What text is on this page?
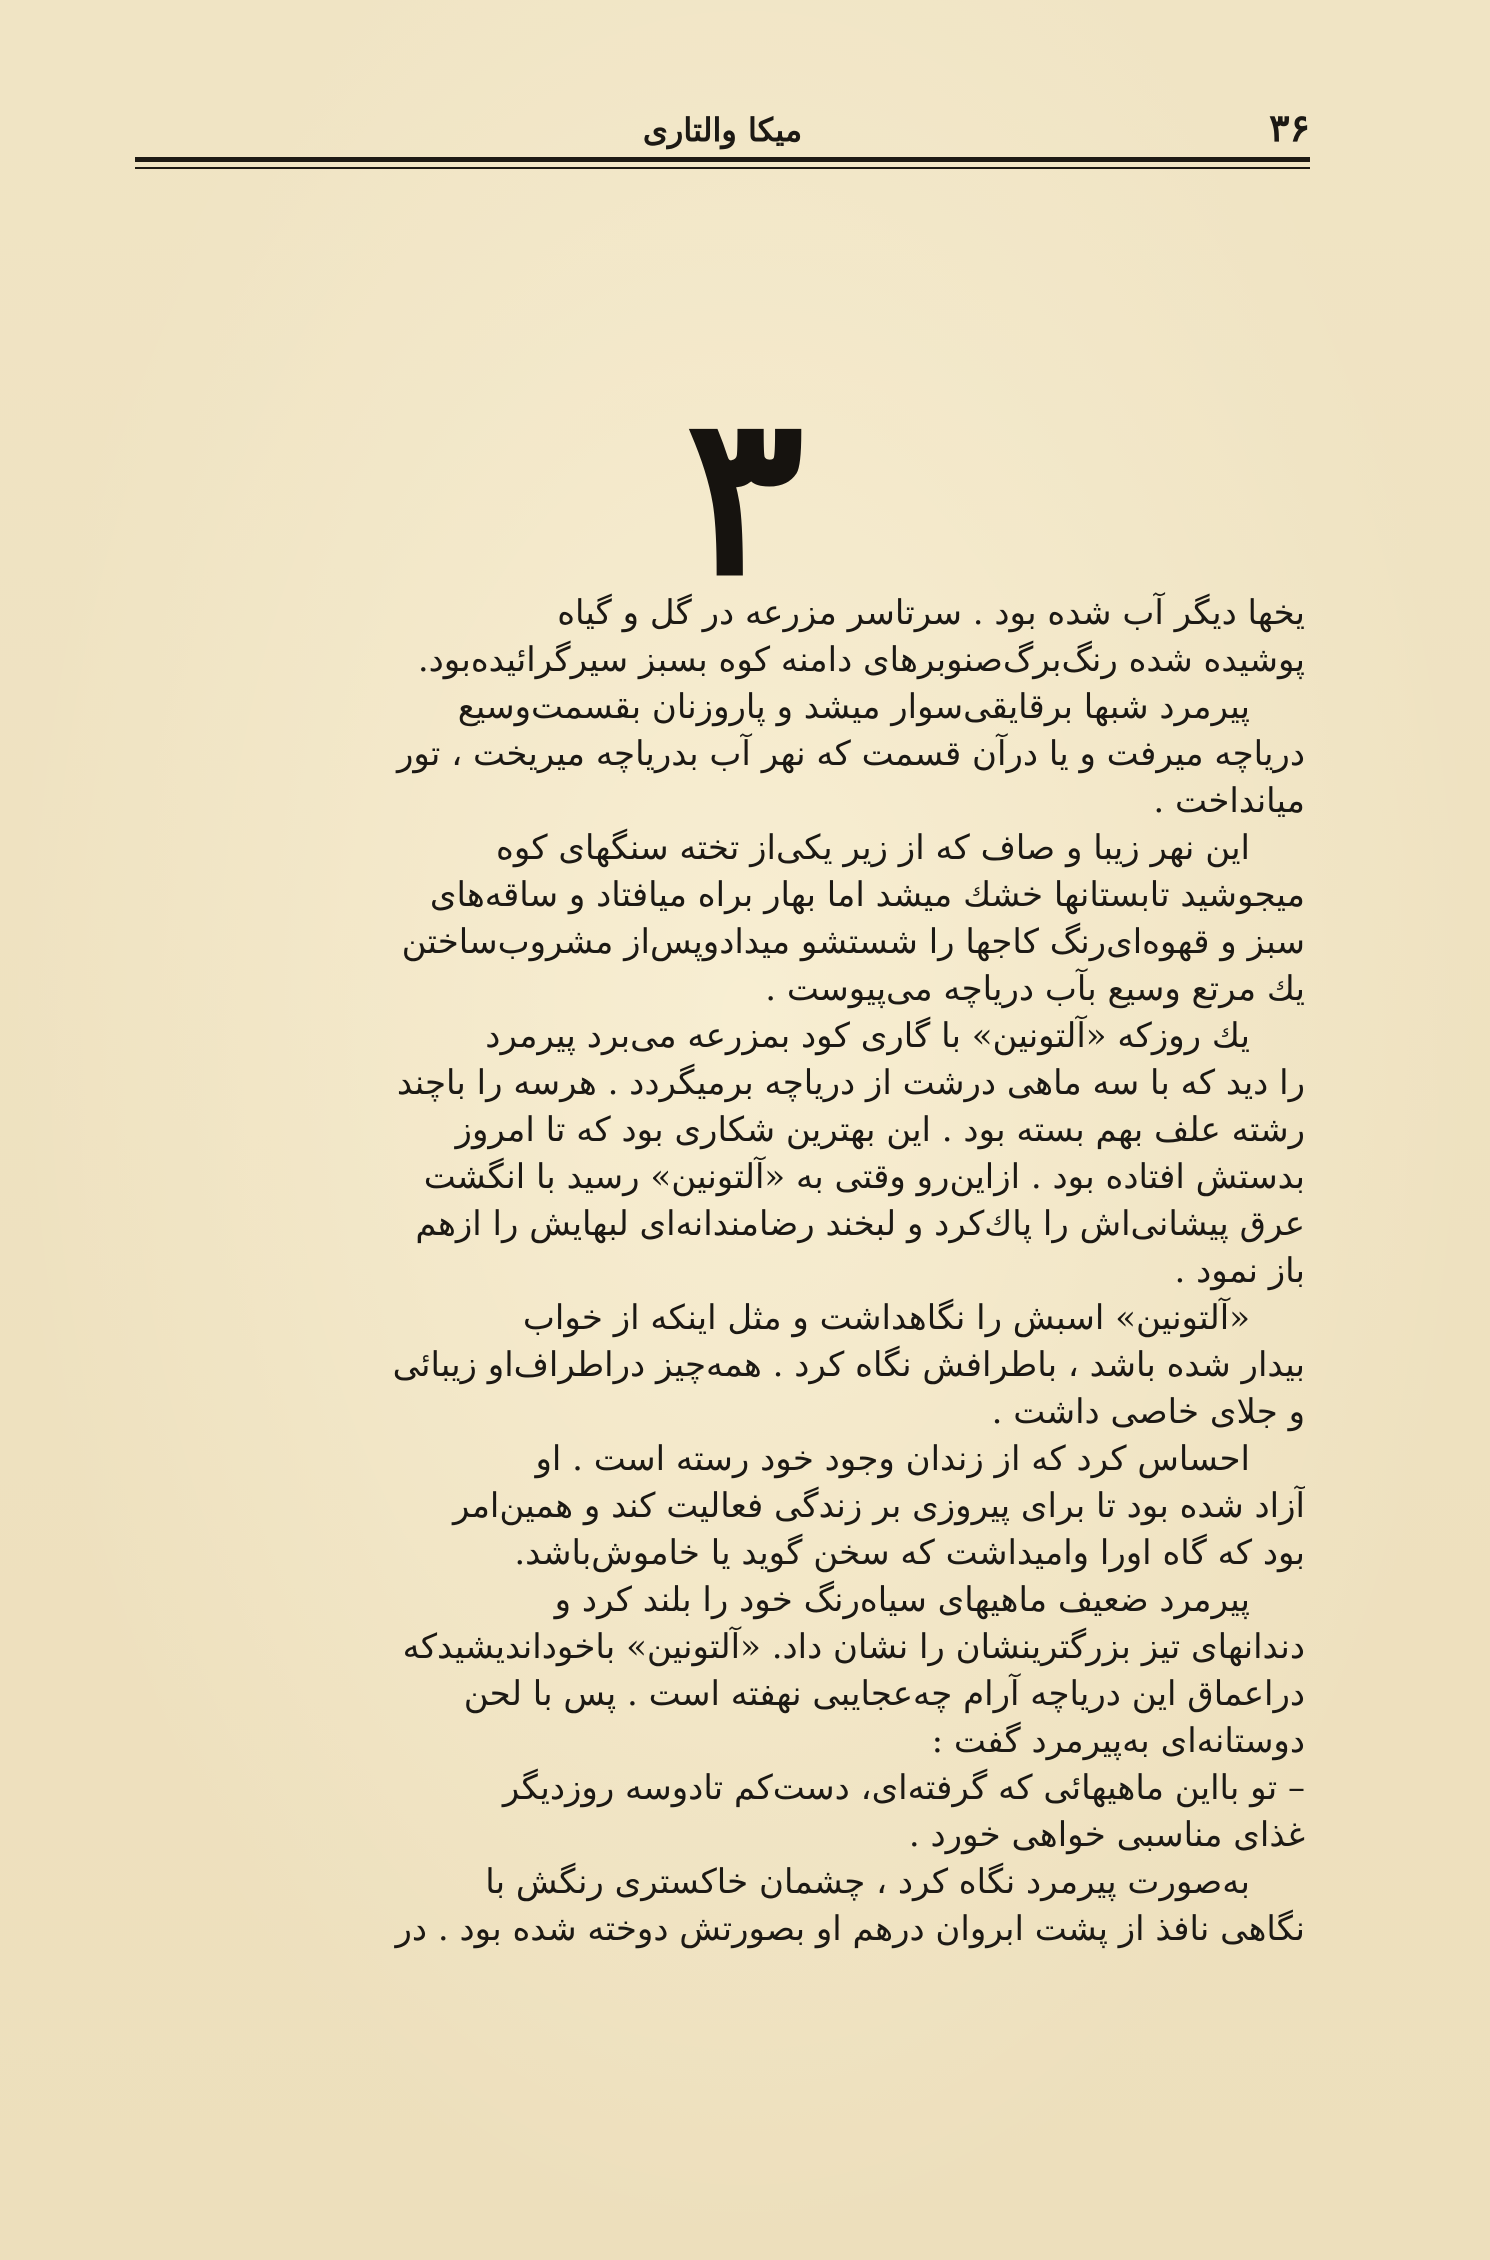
۳۶
میکا والتاری
۳
یخها دیگر آب شده بود . سرتاسر مزرعه در گل و گیاه
پوشیده شده رنگ‌برگ‌صنوبرهای دامنه کوه بسبز سیرگرائیده‌بود.
پیرمرد شبها برقایقی‌سوار میشد و پاروزنان بقسمت‌وسیع
دریاچه میرفت و یا درآن قسمت که نهر آب بدریاچه میریخت ، تور
میانداخت .
این نهر زیبا و صاف که از زیر یکی‌از تخته سنگهای کوه
میجوشید تابستانها خشك میشد اما بهار براه میافتاد و ساقه‌های
سبز و قهوه‌ای‌رنگ کاجها را شستشو میدادوپس‌از مشروب‌ساختن
یك مرتع وسیع بآب دریاچه می‌پیوست .
یك روزکه «آلتونین» با گاری کود بمزرعه می‌برد پیرمرد
را دید که با سه ماهی درشت از دریاچه برمیگردد . هرسه را باچند
رشته علف بهم بسته بود . این بهترین شکاری بود که تا امروز
بدستش افتاده بود . ازاین‌رو وقتی به «آلتونین» رسید با انگشت
عرق پیشانی‌اش را پاك‌کرد و لبخند رضامندانه‌ای لبهایش را ازهم
باز نمود .
«آلتونین» اسبش را نگاهداشت و مثل اینکه از خواب
بیدار شده باشد ، باطرافش نگاه کرد . همه‌چیز دراطراف‌او زیبائی
و جلای خاصی داشت .
احساس کرد که از زندان وجود خود رسته است . او
آزاد شده بود تا برای پیروزی بر زندگی فعالیت کند و همین‌امر
بود که گاه اورا وامیداشت که سخن گوید یا خاموش‌باشد.
پیرمرد ضعیف ماهیهای سیاه‌رنگ خود را بلند کرد و
دندانهای تیز بزرگترینشان را نشان داد. «آلتونین» باخوداندیشیدکه
دراعماق این دریاچه آرام چه‌عجایبی نهفته است . پس با لحن
دوستانه‌ای به‌پیرمرد گفت :
– تو بااین ماهیهائی که گرفته‌ای، دست‌کم تادوسه روزدیگر
غذای مناسبی خواهی خورد .
به‌صورت پیرمرد نگاه کرد ، چشمان خاکستری رنگش با
نگاهی نافذ از پشت ابروان درهم او بصورتش دوخته شده بود . در
